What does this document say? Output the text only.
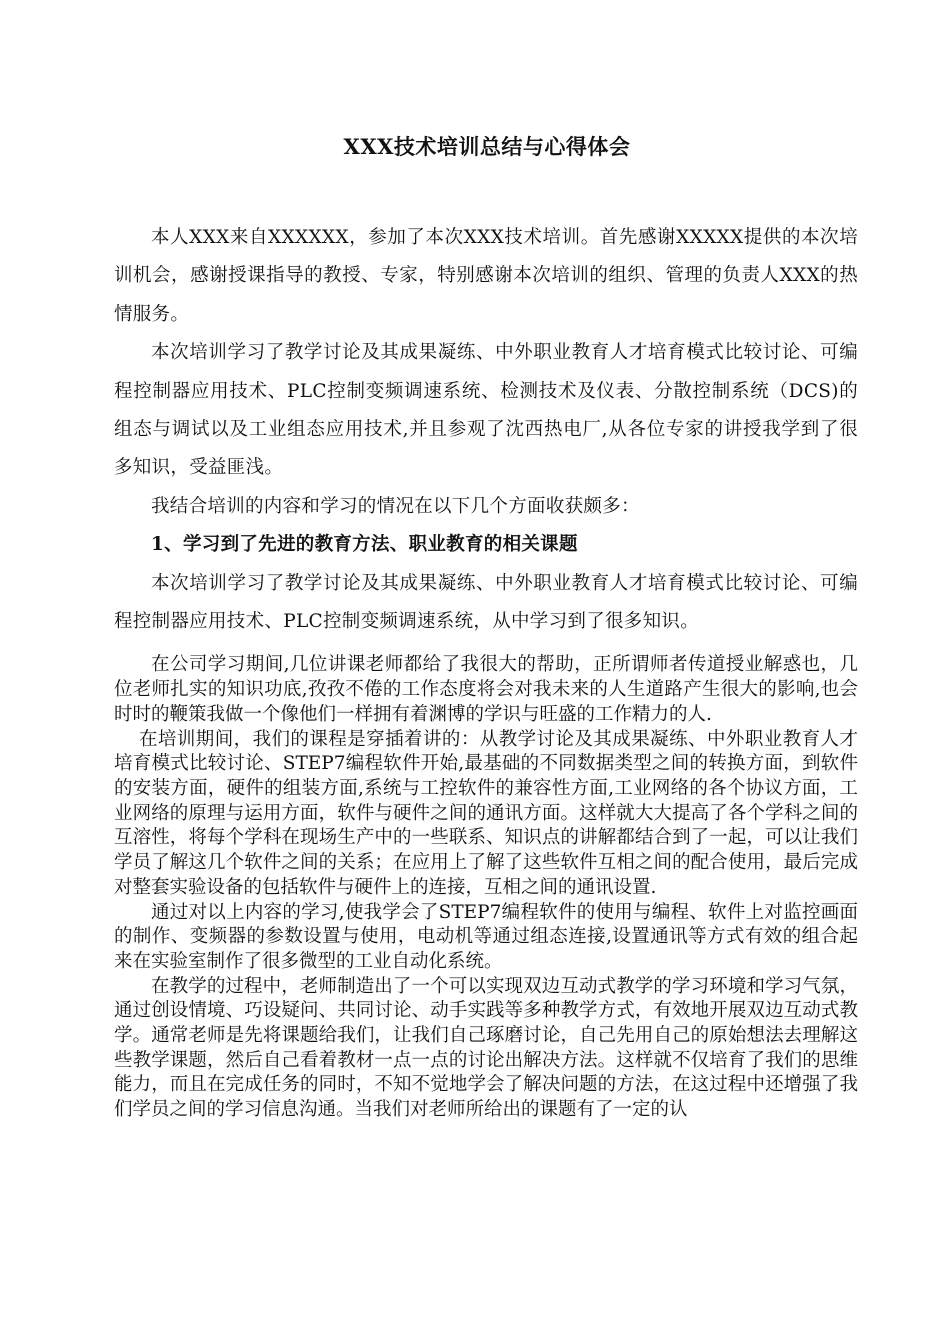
XXX技术培训总结与心得体会

本人XXX来自XXXXXX，参加了本次XXX技术培训。首先感谢XXXXX提供的本次培训机会，感谢授课指导的教授、专家，特别感谢本次培训的组织、管理的负责人XXX的热情服务。

本次培训学习了教学讨论及其成果凝练、中外职业教育人才培育模式比较讨论、可编程控制器应用技术、PLC控制变频调速系统、检测技术及仪表、分散控制系统（DCS)的组态与调试以及工业组态应用技术,并且参观了沈西热电厂,从各位专家的讲授我学到了很多知识，受益匪浅。

我结合培训的内容和学习的情况在以下几个方面收获颇多：

1、学习到了先进的教育方法、职业教育的相关课题

本次培训学习了教学讨论及其成果凝练、中外职业教育人才培育模式比较讨论、可编程控制器应用技术、PLC控制变频调速系统，从中学习到了很多知识。

在公司学习期间,几位讲课老师都给了我很大的帮助，正所谓师者传道授业解惑也，几位老师扎实的知识功底,孜孜不倦的工作态度将会对我未来的人生道路产生很大的影响,也会时时的鞭策我做一个像他们一样拥有着渊博的学识与旺盛的工作精力的人.

在培训期间，我们的课程是穿插着讲的：从教学讨论及其成果凝练、中外职业教育人才培育模式比较讨论、STEP7编程软件开始,最基础的不同数据类型之间的转换方面，到软件的安装方面，硬件的组装方面,系统与工控软件的兼容性方面,工业网络的各个协议方面，工业网络的原理与运用方面，软件与硬件之间的通讯方面。这样就大大提高了各个学科之间的互溶性，将每个学科在现场生产中的一些联系、知识点的讲解都结合到了一起，可以让我们学员了解这几个软件之间的关系；在应用上了解了这些软件互相之间的配合使用，最后完成对整套实验设备的包括软件与硬件上的连接，互相之间的通讯设置.

通过对以上内容的学习,使我学会了STEP7编程软件的使用与编程、软件上对监控画面的制作、变频器的参数设置与使用，电动机等通过组态连接,设置通讯等方式有效的组合起来在实验室制作了很多微型的工业自动化系统。

在教学的过程中，老师制造出了一个可以实现双边互动式教学的学习环境和学习气氛，通过创设情境、巧设疑问、共同讨论、动手实践等多种教学方式，有效地开展双边互动式教学。通常老师是先将课题给我们，让我们自己琢磨讨论，自己先用自己的原始想法去理解这些教学课题，然后自己看着教材一点一点的讨论出解决方法。这样就不仅培育了我们的思维能力，而且在完成任务的同时，不知不觉地学会了解决问题的方法，在这过程中还增强了我们学员之间的学习信息沟通。当我们对老师所给出的课题有了一定的认
